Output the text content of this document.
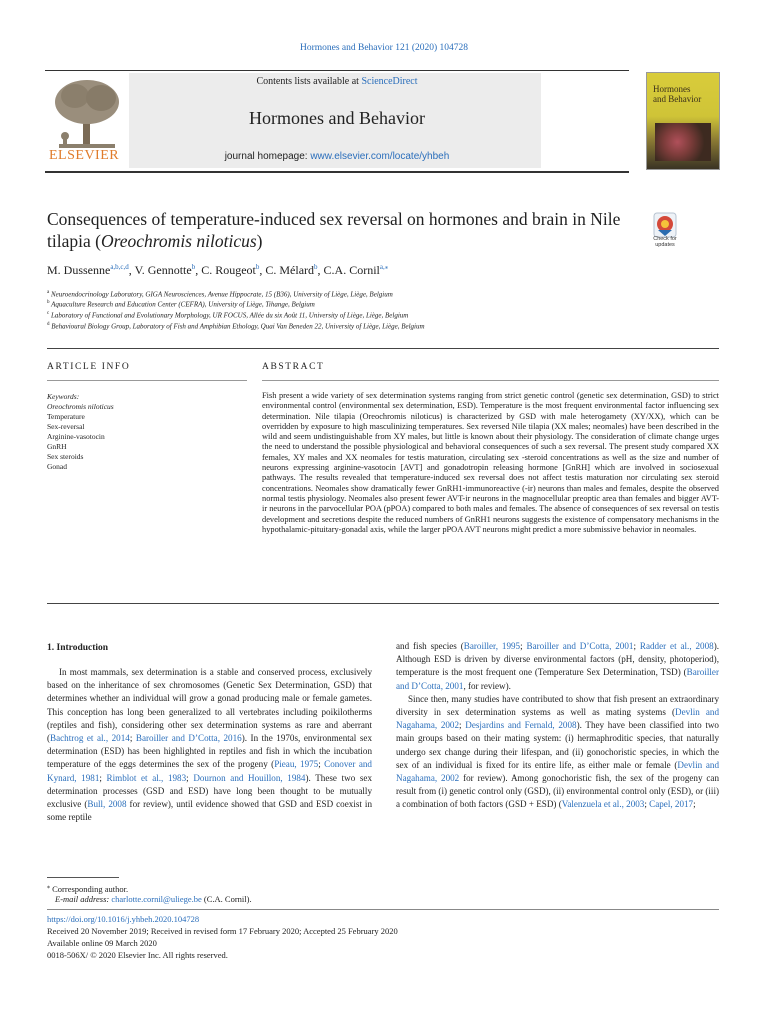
Hormones and Behavior 121 (2020) 104728
ELSEVIER
Contents lists available at ScienceDirect
Hormones and Behavior
journal homepage: www.elsevier.com/locate/yhbeh
Hormones
and Behavior
Consequences of temperature-induced sex reversal on hormones and brain in Nile tilapia (Oreochromis niloticus)	Check for
updates
M. Dussenne$^{a,b,c,d}$, V. Gennotte$^b$, C. Rougeot$^b$, C. Mélard$^b$, C.A. Cornil$^{a,⁎}$
$^a$ Neuroendocrinology Laboratory, GIGA Neurosciences, Avenue Hippocrate, 15 (B36), University of Liège, Liège, Belgium
$^b$ Aquaculture Research and Education Center (CEFRA), University of Liège, Tihange, Belgium
$^c$ Laboratory of Functional and Evolutionary Morphology, UR FOCUS, Allée du six Août 11, University of Liège, Liège, Belgium
$^d$ Behavioural Biology Group, Laboratory of Fish and Amphibian Ethology, Quai Van Beneden 22, University of Liège, Liège, Belgium
ARTICLE INFO	ABSTRACT
Keywords:
Oreochromis niloticus
Temperature
Sex-reversal
Arginine-vasotocin
GnRH
Sex steroids
Gonad
Fish present a wide variety of sex determination systems ranging from strict genetic control (genetic sex determination, GSD) to strict environmental control (environmental sex determination, ESD). Temperature is the most frequent environmental factor influencing sex determination. Nile tilapia (Oreochromis niloticus) is characterized by GSD with male heterogamety (XY/XX), which can be overridden by exposure to high masculinizing temperatures. Sex reversed Nile tilapia (XX males; neomales) have been described in the wild and seem undistinguishable from XY males, but little is known about their physiology. The consideration of climate change urges the need to understand the possible physiological and behavioral consequences of such a sex reversal. The present study compared XX females, XY males and XX neomales for testis maturation, circulating sex -steroid concentrations as well as the size and number of neurons expressing arginine-vasotocin [AVT] and gonadotropin releasing hormone [GnRH] which are involved in sociosexual pathways. The results revealed that temperature-induced sex reversal does not affect testis maturation nor circulating sex steroid concentrations. Neomales show dramatically fewer GnRH1-immunoreactive (-ir) neurons than males and females, despite the observed normal testis physiology. Neomales also present fewer AVT-ir neurons in the magnocellular preoptic area than females and bigger AVT-ir neurons in the parvocellular POA (pPOA) compared to both males and females. The absence of consequences of sex reversal on testis development and secretions despite the reduced numbers of GnRH1 neurons suggests the existence of compensatory mechanisms in the hypothalamic-pituitary-gonadal axis, while the larger pPOA AVT neurons might predict a more submissive behavior in neomales.
1. Introduction

In most mammals, sex determination is a stable and conserved process, exclusively based on the inheritance of sex chromosomes (Genetic Sex Determination, GSD) that determines whether an individual will grow a gonad producing male or female gametes. This conception has long been generalized to all vertebrates including poikilotherms (reptiles and fish), considering other sex determination systems as rare and aberrant (Bachtrog et al., 2014; Baroiller and D’Cotta, 2016). In the 1970s, environmental sex determination (ESD) has been highlighted in reptiles and fish in which the incubation temperature of the eggs determines the sex of the progeny (Pieau, 1975; Conover and Kynard, 1981; Rimblot et al., 1983; Dournon and Houillon, 1984). These two sex determination processes (GSD and ESD) have long been thought to be mutually exclusive (Bull, 2008 for review), until evidence showed that GSD and ESD coexist in some reptile

and fish species (Baroiller, 1995; Baroiller and D’Cotta, 2001; Radder et al., 2008). Although ESD is driven by diverse environmental factors (pH, density, photoperiod), temperature is the most frequent one (Temperature Sex Determination, TSD) (Baroiller and D’Cotta, 2001, for review).

Since then, many studies have contributed to show that fish present an extraordinary diversity in sex determination systems as well as mating systems (Devlin and Nagahama, 2002; Desjardins and Fernald, 2008). They have been classified into two main groups based on their mating system: (i) hermaphroditic species, that naturally undergo sex change during their lifespan, and (ii) gonochoristic species, in which the sex of an individual is fixed for its entire life, as either male or female (Devlin and Nagahama, 2002 for review). Among gonochoristic fish, the sex of the progeny can result from (i) genetic control only (GSD), (ii) environmental control only (ESD), or (iii) a combination of both factors (GSD + ESD) (Valenzuela et al., 2003; Capel, 2017;

⁎ Corresponding author.
E-mail address: charlotte.cornil@uliege.be (C.A. Cornil).
https://doi.org/10.1016/j.yhbeh.2020.104728
Received 20 November 2019; Received in revised form 17 February 2020; Accepted 25 February 2020
Available online 09 March 2020
0018-506X/ © 2020 Elsevier Inc. All rights reserved.
